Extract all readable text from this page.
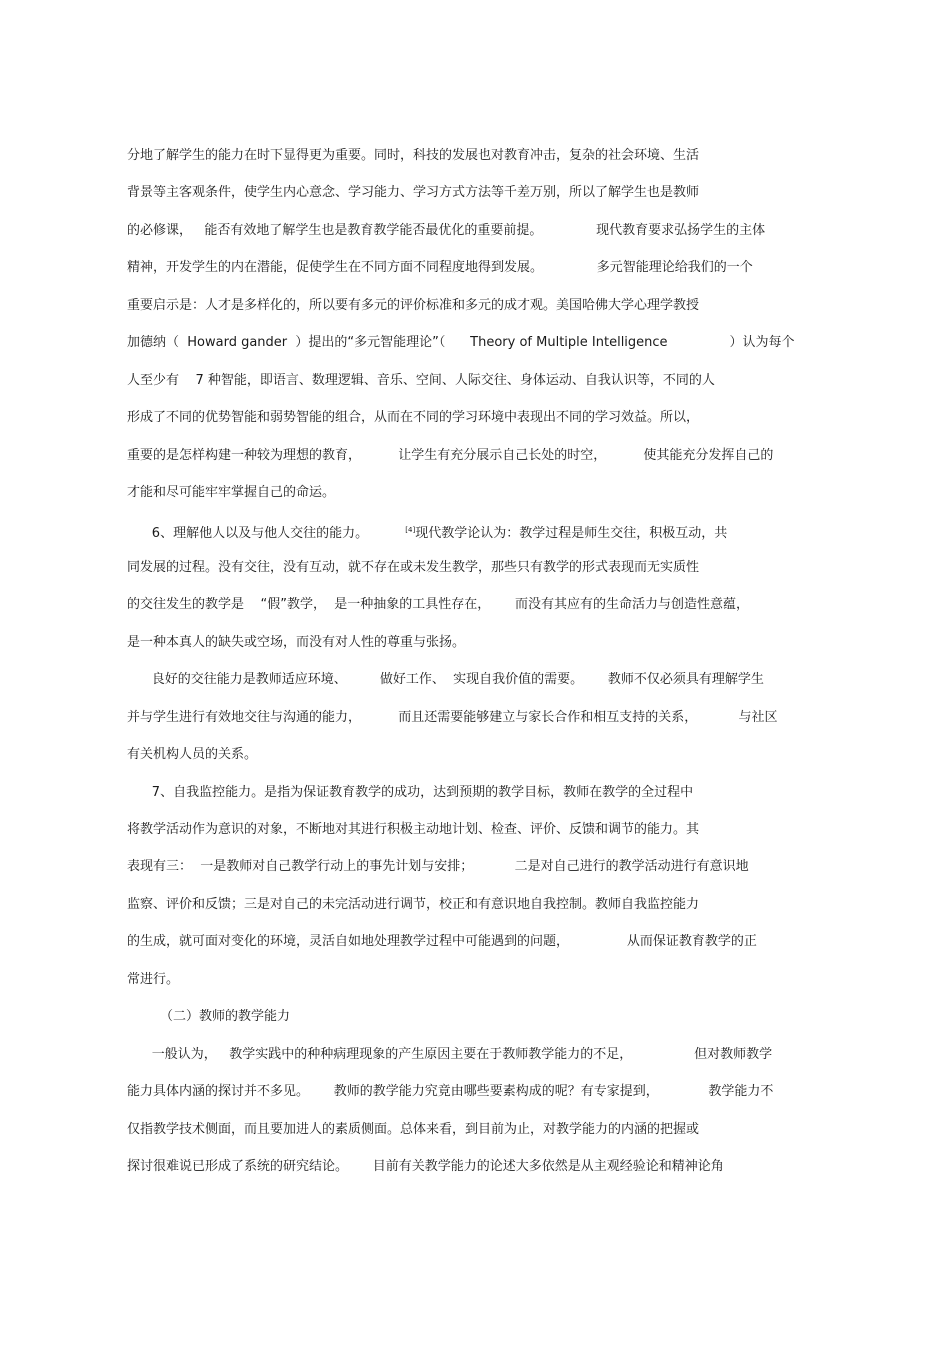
分地了解学生的能力在时下显得更为重要。同时，科技的发展也对教育冲击，复杂的社会环境、生活
背景等主客观条件，使学生内心意念、学习能力、学习方式方法等千差万别，所以了解学生也是教师
的必修课，   能否有效地了解学生也是教育教学能否最优化的重要前提。             现代教育要求弘扬学生的主体
精神，开发学生的内在潜能，促使学生在不同方面不同程度地得到发展。             多元智能理论给我们的一个
重要启示是：人才是多样化的，所以要有多元的评价标准和多元的成才观。美国哈佛大学心理学教授
加德纳（  Howard gander  ）提出的“多元智能理论”（      Theory of Multiple Intelligence               ）认为每个
人至少有    7 种智能，即语言、数理逻辑、音乐、空间、人际交往、身体运动、自我认识等，不同的人
形成了不同的优势智能和弱势智能的组合，从而在不同的学习环境中表现出不同的学习效益。所以，
重要的是怎样构建一种较为理想的教育，         让学生有充分展示自己长处的时空，         使其能充分发挥自己的
才能和尽可能牢牢掌握自己的命运。
6、理解他人以及与他人交往的能力。         [4]现代教学论认为：教学过程是师生交往，积极互动，共
同发展的过程。没有交往，没有互动，就不存在或未发生教学，那些只有教学的形式表现而无实质性
的交往发生的教学是    “假”教学，  是一种抽象的工具性存在，      而没有其应有的生命活力与创造性意蕴，
是一种本真人的缺失或空场，而没有对人性的尊重与张扬。
良好的交往能力是教师适应环境、        做好工作、  实现自我价值的需要。      教师不仅必须具有理解学生
并与学生进行有效地交往与沟通的能力，         而且还需要能够建立与家长合作和相互支持的关系，          与社区
有关机构人员的关系。
7、自我监控能力。是指为保证教育教学的成功，达到预期的教学目标，教师在教学的全过程中
将教学活动作为意识的对象，不断地对其进行积极主动地计划、检查、评价、反馈和调节的能力。其
表现有三：  一是教师对自己教学行动上的事先计划与安排；          二是对自己进行的教学活动进行有意识地
监察、评价和反馈；三是对自己的未完活动进行调节，校正和有意识地自我控制。教师自我监控能力
的生成，就可面对变化的环境，灵活自如地处理教学过程中可能遇到的问题，              从而保证教育教学的正
常进行。
（二）教师的教学能力
一般认为，   教学实践中的种种病理现象的产生原因主要在于教师教学能力的不足，               但对教师教学
能力具体内涵的探讨并不多见。      教师的教学能力究竟由哪些要素构成的呢？有专家提到，            教学能力不
仅指教学技术侧面，而且要加进人的素质侧面。总体来看，到目前为止，对教学能力的内涵的把握或
探讨很难说已形成了系统的研究结论。      目前有关教学能力的论述大多依然是从主观经验论和精神论角
